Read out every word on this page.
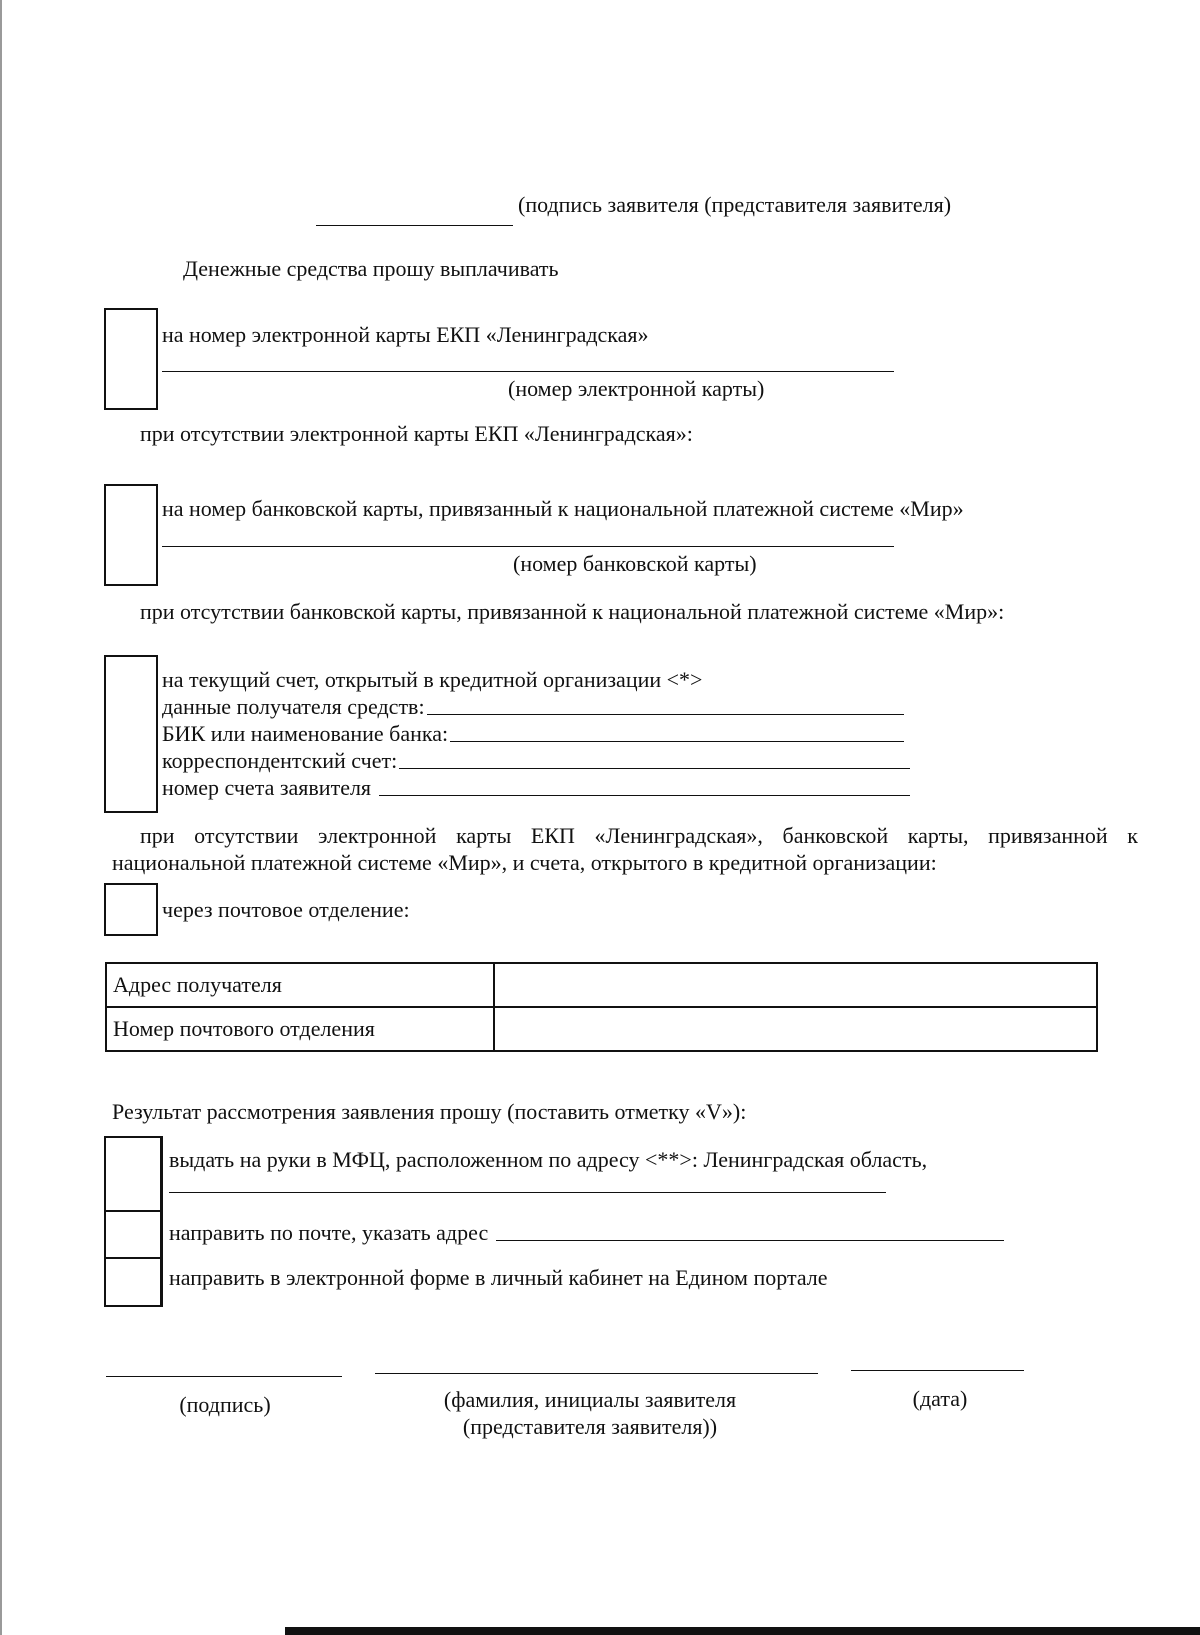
(подпись заявителя (представителя заявителя)
Денежные средства прошу выплачивать
на номер электронной карты ЕКП «Ленинградская»
(номер электронной карты)
при отсутствии электронной карты ЕКП «Ленинградская»:
на номер банковской карты, привязанный к национальной платежной системе «Мир»
(номер банковской карты)
при отсутствии банковской карты, привязанной к национальной платежной системе «Мир»:
на текущий счет, открытый в кредитной организации <*>
данные получателя средств:
БИК или наименование банка:
корреспондентский счет:
номер счета заявителя
при отсутствии электронной карты ЕКП «Ленинградская», банковской карты, привязанной к
национальной платежной системе «Мир», и счета, открытого в кредитной организации:
через почтовое отделение:
Адрес получателя	
Номер почтового отделения	
Результат рассмотрения заявления прошу (поставить отметку «V»):
выдать на руки в МФЦ, расположенном по адресу <**>: Ленинградская область,
направить по почте, указать адрес
направить в электронной форме в личный кабинет на Едином портале
(подпись)	(фамилия, инициалы заявителя
(представителя заявителя))
(дата)
